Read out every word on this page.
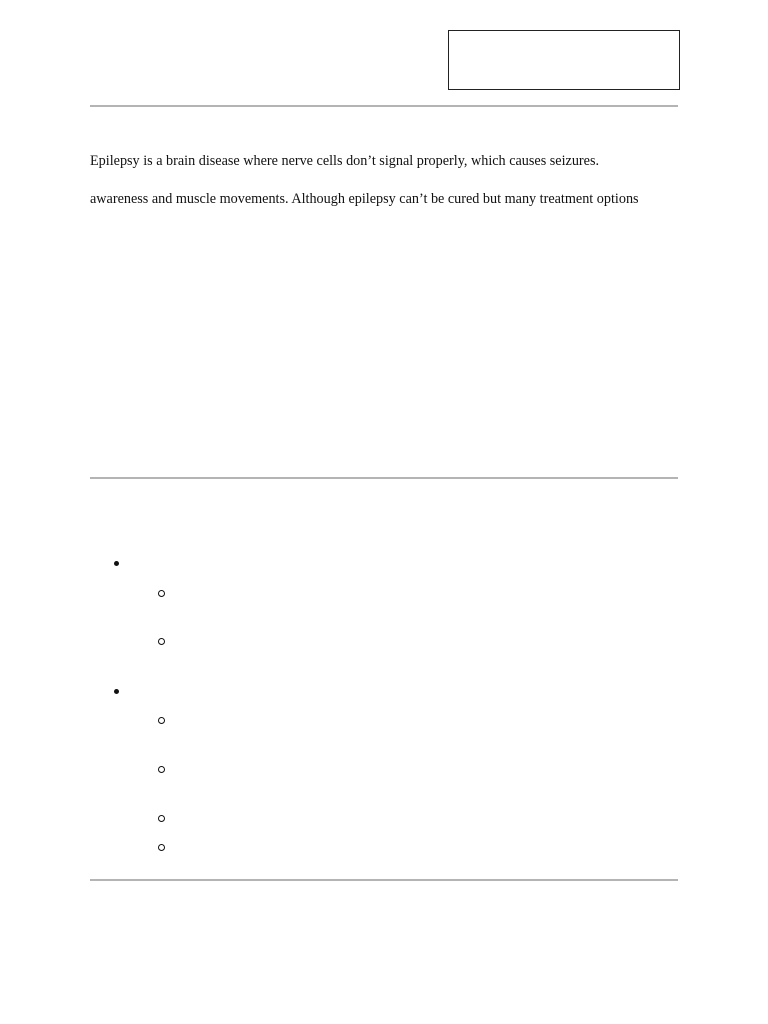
Epilepsy is a brain disease where nerve cells don’t signal properly, which causes seizures.
awareness and muscle movements. Although epilepsy can’t be cured but many treatment options
